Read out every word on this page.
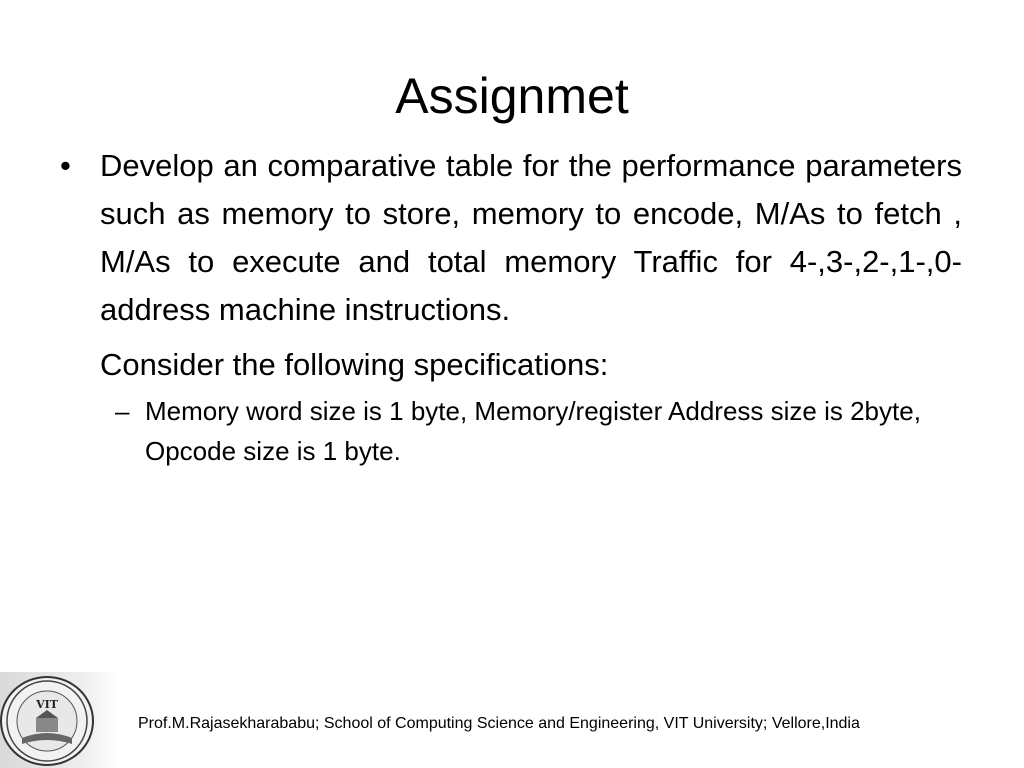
Assignmet
• Develop an comparative table for the performance parameters such as memory to store, memory to encode, M/As to fetch , M/As to execute and total memory Traffic for 4-,3-,2-,1-,0- address machine instructions.
Consider the following specifications:
– Memory word size is 1 byte, Memory/register Address size is 2byte, Opcode size is 1 byte.
VIT
Prof.M.Rajasekharababu; School of Computing Science and Engineering, VIT University; Vellore,India
